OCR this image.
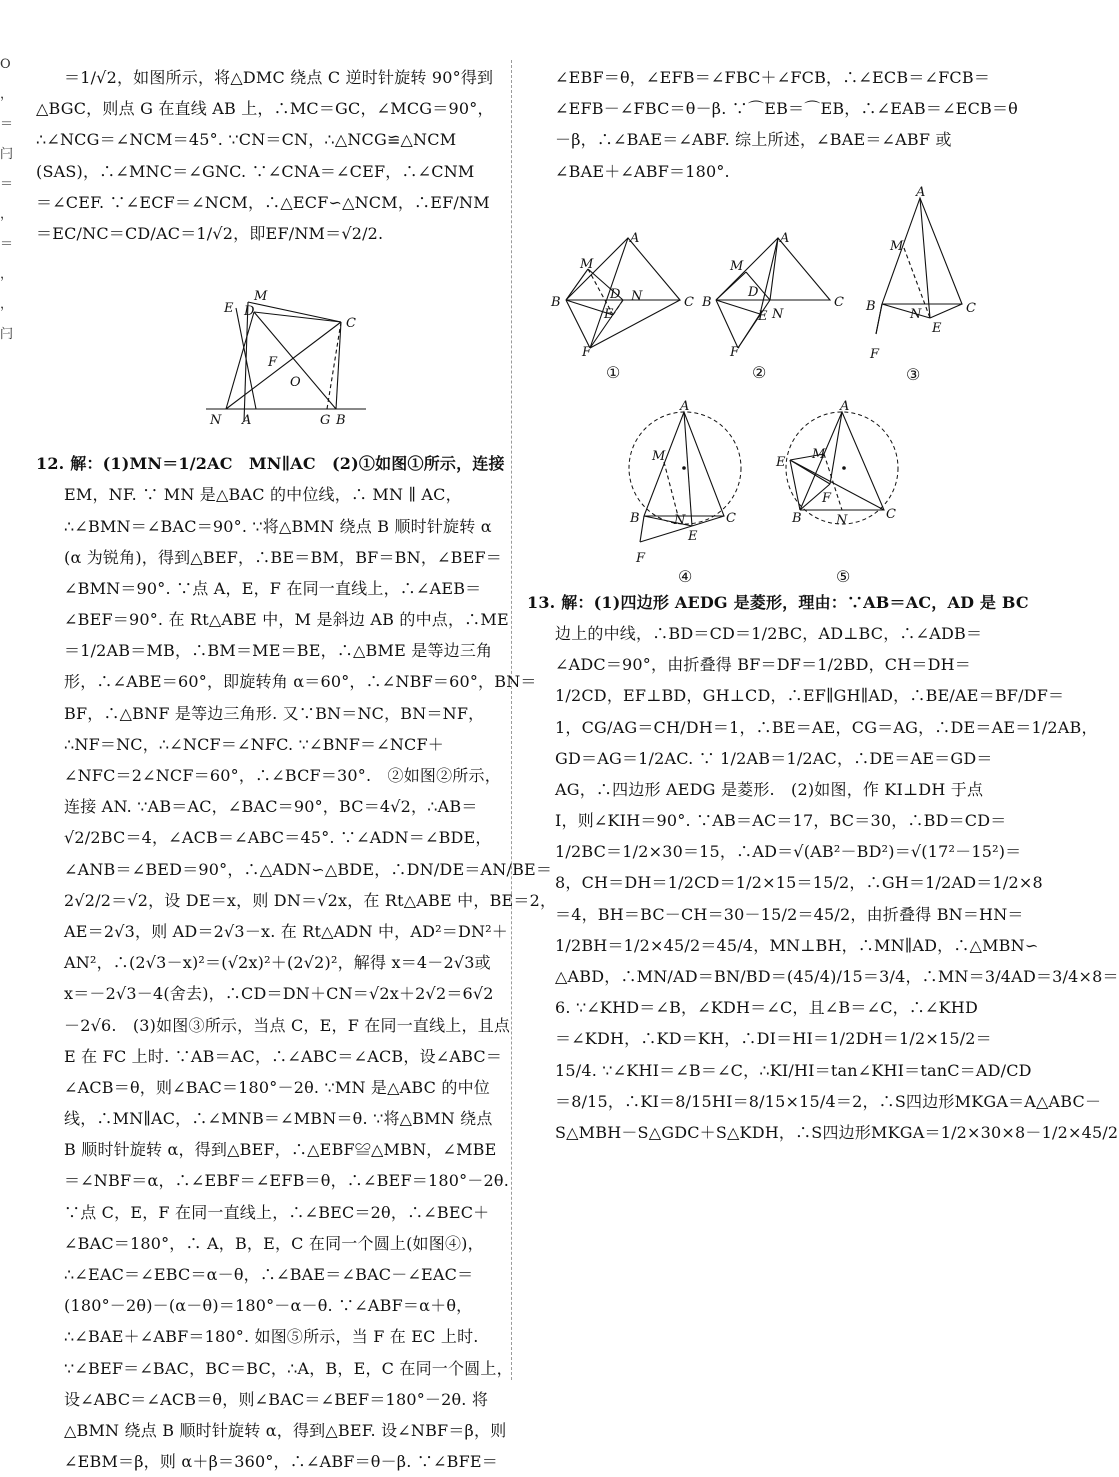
O
，
＝
闩
＝
，
＝
，
，
闩
＝1/√2，如图所示，将△DMC 绕点 C 逆时针旋转 90°得到
△BGC，则点 G 在直线 AB 上，∴MC＝GC，∠MCG＝90°，
∴∠NCG＝∠NCM＝45°. ∵CN＝CN，∴△NCG≌△NCM
(SAS)，∴∠MNC＝∠GNC. ∵∠CNA＝∠CEF，∴∠CNM
＝∠CEF. ∵∠ECF＝∠NCM，∴△ECF∽△NCM，∴EF/NM
＝EC/NC＝CD/AC＝1/√2，即EF/NM＝√2/2.
12. 解：(1)MN＝1/2AC　MN∥AC　(2)①如图①所示，连接
EM，NF. ∵ MN 是△BAC 的中位线，∴ MN ∥ AC，
∴∠BMN＝∠BAC＝90°. ∵将△BMN 绕点 B 顺时针旋转 α
(α 为锐角)，得到△BEF，∴BE＝BM，BF＝BN，∠BEF＝
∠BMN＝90°. ∵点 A，E，F 在同一直线上，∴∠AEB＝
∠BEF＝90°. 在 Rt△ABE 中，M 是斜边 AB 的中点，∴ME
＝1/2AB＝MB，∴BM＝ME＝BE，∴△BME 是等边三角
形，∴∠ABE＝60°，即旋转角 α＝60°，∴∠NBF＝60°，BN＝
BF，∴△BNF 是等边三角形. 又∵BN＝NC，BN＝NF，
∴NF＝NC，∴∠NCF＝∠NFC. ∵∠BNF＝∠NCF＋
∠NFC＝2∠NCF＝60°，∴∠BCF＝30°.　②如图②所示，
连接 AN. ∵AB＝AC，∠BAC＝90°，BC＝4√2，∴AB＝
√2/2BC＝4，∠ACB＝∠ABC＝45°. ∵∠ADN＝∠BDE，
∠ANB＝∠BED＝90°，∴△ADN∽△BDE，∴DN/DE＝AN/BE＝
2√2/2＝√2，设 DE＝x，则 DN＝√2x，在 Rt△ABE 中，BE＝2，
AE＝2√3，则 AD＝2√3－x. 在 Rt△ADN 中，AD²＝DN²＋
AN²，∴(2√3－x)²＝(√2x)²＋(2√2)²，解得 x＝4－2√3或
x＝－2√3－4(舍去)，∴CD＝DN＋CN＝√2x＋2√2＝6√2
－2√6.　(3)如图③所示，当点 C，E，F 在同一直线上，且点
E 在 FC 上时. ∵AB＝AC，∴∠ABC＝∠ACB，设∠ABC＝
∠ACB＝θ，则∠BAC＝180°－2θ. ∵MN 是△ABC 的中位
线，∴MN∥AC，∴∠MNB＝∠MBN＝θ. ∵将△BMN 绕点
B 顺时针旋转 α，得到△BEF，∴△EBF≌△MBN，∠MBE
＝∠NBF＝α，∴∠EBF＝∠EFB＝θ，∴∠BEF＝180°－2θ.
∵点 C，E，F 在同一直线上，∴∠BEC＝2θ，∴∠BEC＋
∠BAC＝180°，∴ A，B，E，C 在同一个圆上(如图④)，
∴∠EAC＝∠EBC＝α－θ，∴∠BAE＝∠BAC－∠EAC＝
(180°－2θ)－(α－θ)＝180°－α－θ. ∵∠ABF＝α＋θ，
∴∠BAE＋∠ABF＝180°. 如图⑤所示，当 F 在 EC 上时.
∵∠BEF＝∠BAC，BC＝BC，∴A，B，E，C 在同一个圆上，
设∠ABC＝∠ACB＝θ，则∠BAC＝∠BEF＝180°－2θ. 将
△BMN 绕点 B 顺时针旋转 α，得到△BEF. 设∠NBF＝β，则
∠EBM＝β，则 α＋β＝360°，∴∠ABF＝θ－β. ∵∠BFE＝
∠EBF＝θ，∠EFB＝∠FBC＋∠FCB，∴∠ECB＝∠FCB＝
∠EFB－∠FBC＝θ－β. ∵⌒EB＝⌒EB，∴∠EAB＝∠ECB＝θ
－β，∴∠BAE＝∠ABF. 综上所述，∠BAE＝∠ABF 或
∠BAE＋∠ABF＝180°.
13. 解：(1)四边形 AEDG 是菱形，理由：∵AB＝AC，AD 是 BC
边上的中线，∴BD＝CD＝1/2BC，AD⊥BC，∴∠ADB＝
∠ADC＝90°，由折叠得 BF＝DF＝1/2BD，CH＝DH＝
1/2CD，EF⊥BD，GH⊥CD，∴EF∥GH∥AD，∴BE/AE＝BF/DF＝
1，CG/AG＝CH/DH＝1，∴BE＝AE，CG＝AG，∴DE＝AE＝1/2AB，
GD＝AG＝1/2AC. ∵ 1/2AB＝1/2AC，∴DE＝AE＝GD＝
AG，∴四边形 AEDG 是菱形.　(2)如图，作 KI⊥DH 于点
I，则∠KIH＝90°. ∵AB＝AC＝17，BC＝30，∴BD＝CD＝
1/2BC＝1/2×30＝15，∴AD＝√(AB²－BD²)＝√(17²－15²)＝
8，CH＝DH＝1/2CD＝1/2×15＝15/2，∴GH＝1/2AD＝1/2×8
＝4，BH＝BC－CH＝30－15/2＝45/2，由折叠得 BN＝HN＝
1/2BH＝1/2×45/2＝45/4，MN⊥BH，∴MN∥AD，∴△MBN∽
△ABD，∴MN/AD＝BN/BD＝(45/4)/15＝3/4，∴MN＝3/4AD＝3/4×8＝
6. ∵∠KHD＝∠B，∠KDH＝∠C，且∠B＝∠C，∴∠KHD
＝∠KDH，∴KD＝KH，∴DI＝HI＝1/2DH＝1/2×15/2＝
15/4. ∵∠KHI＝∠B＝∠C，∴KI/HI＝tan∠KHI＝tanC＝AD/CD
＝8/15，∴KI＝8/15HI＝8/15×15/4＝2，∴S四边形MKGA＝A△ABC－
S△MBH－S△GDC＋S△KDH，∴S四边形MKGA＝1/2×30×8－1/2×45/2
M
E
C
D
F
O
N A	G B
A
M
B
D N	C
E
F
①
A
M
B
D
E N
C
F
②
A
M
B
N
E
C
F
③
A
M
B	N
E
C
F
④
A
E
M
F
B	N	C
⑤
